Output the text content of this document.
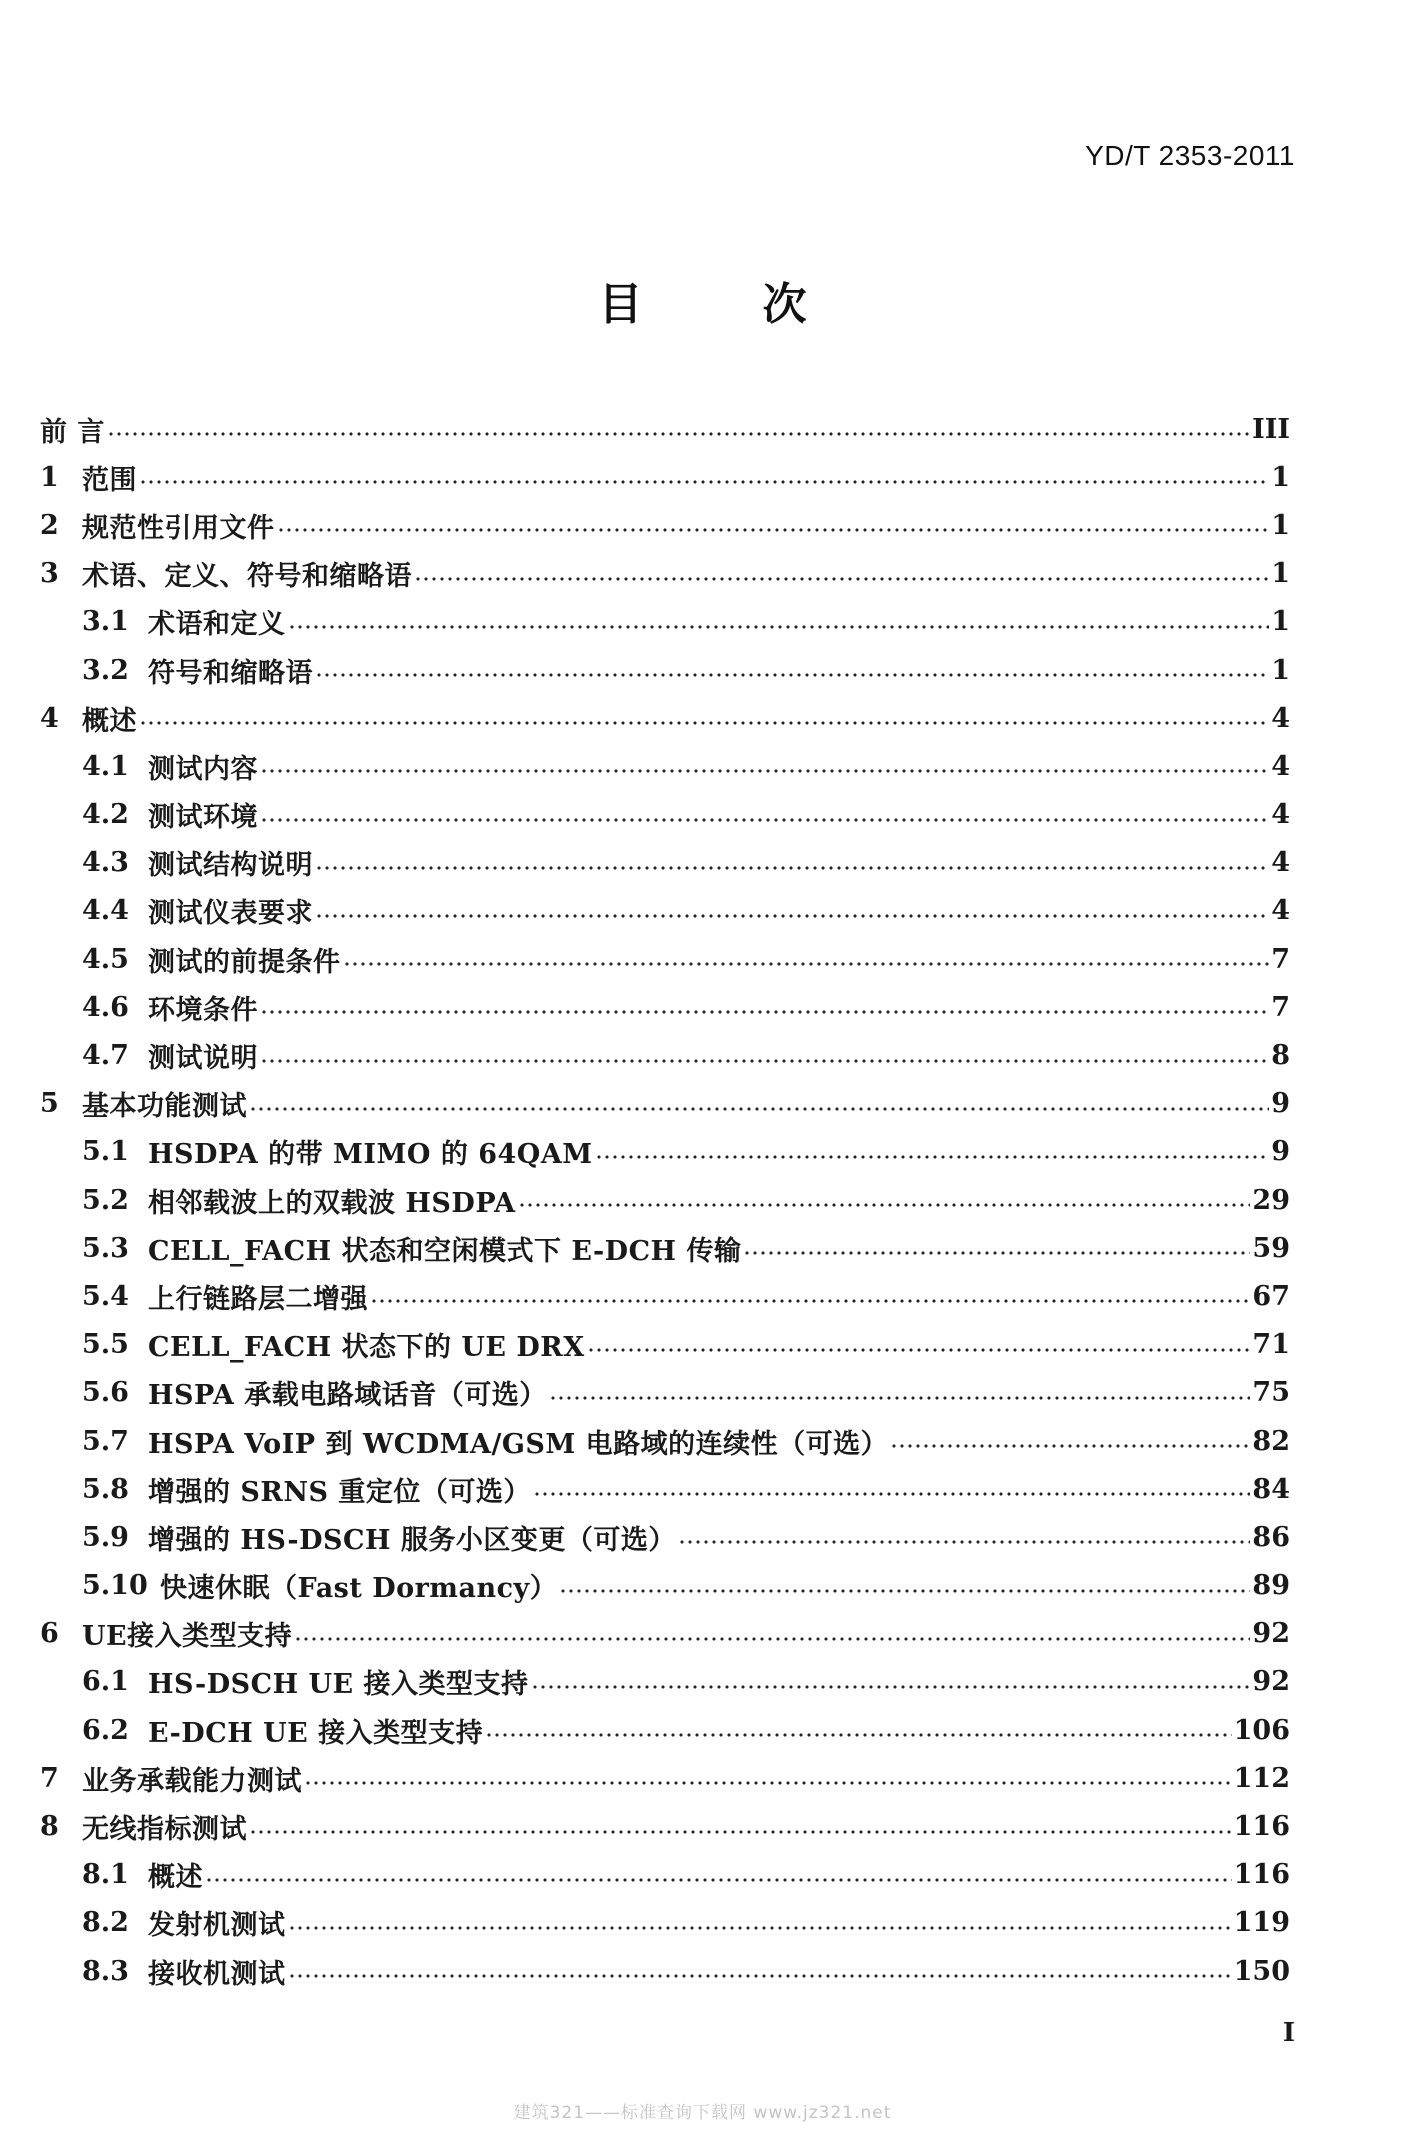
YD/T 2353-2011
目	次
前 言	III
1 范围	1
2 规范性引用文件	1
3 术语、定义、符号和缩略语	1
3.1 术语和定义	1
3.2 符号和缩略语	1
4 概述	4
4.1 测试内容	4
4.2 测试环境	4
4.3 测试结构说明	4
4.4 测试仪表要求	4
4.5 测试的前提条件	7
4.6 环境条件	7
4.7 测试说明	8
5 基本功能测试	9
5.1 HSDPA 的带 MIMO 的 64QAM	9
5.2 相邻载波上的双载波 HSDPA	29
5.3 CELL_FACH 状态和空闲模式下 E-DCH 传输	59
5.4 上行链路层二增强	67
5.5 CELL_FACH 状态下的 UE DRX	71
5.6 HSPA 承载电路域话音（可选）	75
5.7 HSPA VoIP 到 WCDMA/GSM 电路域的连续性（可选）	82
5.8 增强的 SRNS 重定位（可选）	84
5.9 增强的 HS-DSCH 服务小区变更（可选）	86
5.10 快速休眠（Fast Dormancy）	89
6 UE接入类型支持	92
6.1 HS-DSCH UE 接入类型支持	92
6.2 E-DCH UE 接入类型支持	106
7 业务承载能力测试	112
8 无线指标测试	116
8.1 概述	116
8.2 发射机测试	119
8.3 接收机测试	150
I
建筑321——标准查询下载网 www.jz321.net
